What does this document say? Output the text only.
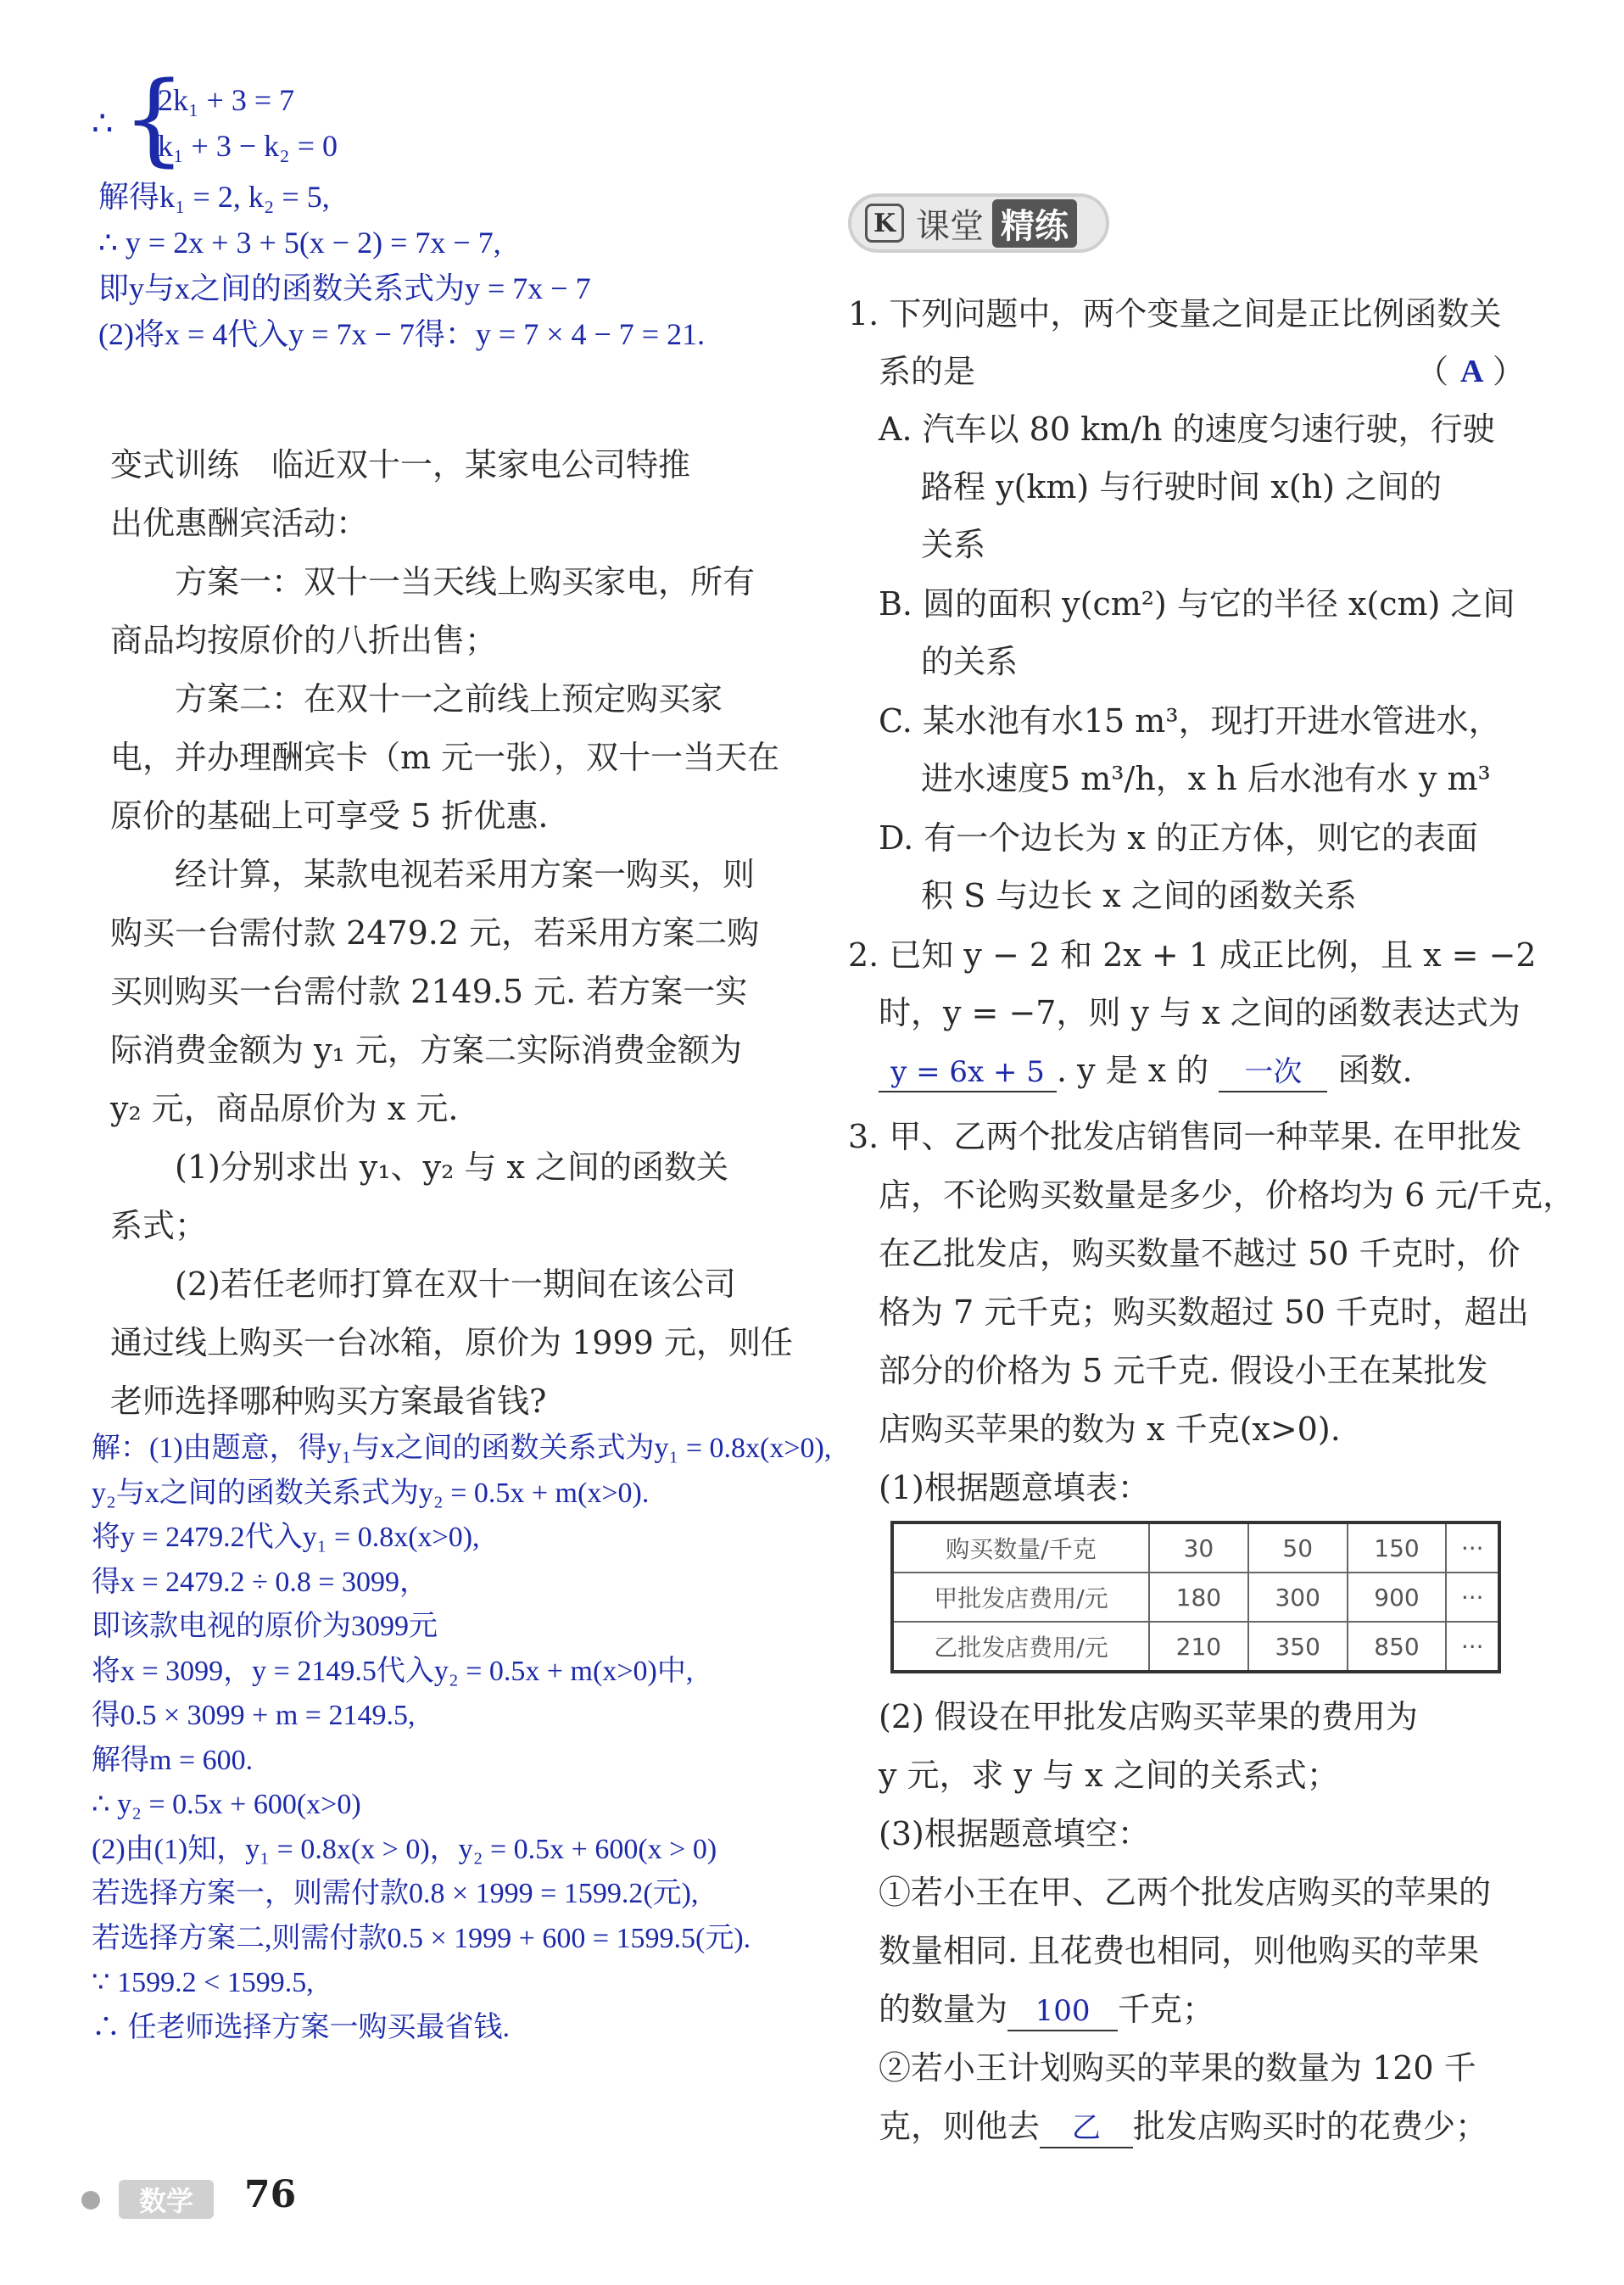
∴ {
2k₁ + 3 = 7
k₁ + 3 − k₂ = 0
解得k₁ = 2, k₂ = 5,
∴ y = 2x + 3 + 5(x − 2) = 7x − 7,
即y与x之间的函数关系式为y = 7x − 7
(2)将x = 4代入y = 7x − 7得：y = 7 × 4 − 7 = 21.
变式训练　临近双十一，某家电公司特推
出优惠酬宾活动：
　　方案一：双十一当天线上购买家电，所有
商品均按原价的八折出售；
　　方案二：在双十一之前线上预定购买家
电，并办理酬宾卡（m 元一张），双十一当天在
原价的基础上可享受 5 折优惠.
　　经计算，某款电视若采用方案一购买，则
购买一台需付款 2479.2 元，若采用方案二购
买则购买一台需付款 2149.5 元. 若方案一实
际消费金额为 y₁ 元，方案二实际消费金额为
y₂ 元，商品原价为 x 元.
　　(1)分别求出 y₁、y₂ 与 x 之间的函数关
系式；
　　(2)若任老师打算在双十一期间在该公司
通过线上购买一台冰箱，原价为 1999 元，则任
老师选择哪种购买方案最省钱?
解：(1)由题意，得y₁与x之间的函数关系式为y₁ = 0.8x(x>0),
y₂与x之间的函数关系式为y₂ = 0.5x + m(x>0).
将y = 2479.2代入y₁ = 0.8x(x>0),
得x = 2479.2 ÷ 0.8 = 3099，
即该款电视的原价为3099元
将x = 3099，y = 2149.5代入y₂ = 0.5x + m(x>0)中,
得0.5 × 3099 + m = 2149.5,
解得m = 600.
∴ y₂ = 0.5x + 600(x>0)
(2)由(1)知，y₁ = 0.8x(x > 0)，y₂ = 0.5x + 600(x > 0)
若选择方案一，则需付款0.8 × 1999 = 1599.2(元),
若选择方案二,则需付款0.5 × 1999 + 600 = 1599.5(元).
∵ 1599.2 < 1599.5,
∴ 任老师选择方案一购买最省钱.
K 课堂 精练
1. 下列问题中，两个变量之间是正比例函数关
系的是	（ A ）
A. 汽车以 80 km/h 的速度匀速行驶，行驶
路程 y(km) 与行驶时间 x(h) 之间的
关系
B. 圆的面积 y(cm²) 与它的半径 x(cm) 之间
的关系
C. 某水池有水15 m³，现打开进水管进水，
进水速度5 m³/h，x h 后水池有水 y m³
D. 有一个边长为 x 的正方体，则它的表面
积 S 与边长 x 之间的函数关系
2. 已知 y − 2 和 2x + 1 成正比例，且 x = −2
时，y = −7，则 y 与 x 之间的函数表达式为
y = 6x + 5 . y 是 x 的 一次 函数.
3. 甲、乙两个批发店销售同一种苹果. 在甲批发
店，不论购买数量是多少，价格均为 6 元/千克，
在乙批发店，购买数量不越过 50 千克时，价
格为 7 元千克；购买数超过 50 千克时，超出
部分的价格为 5 元千克. 假设小王在某批发
店购买苹果的数为 x 千克(x>0).
(1)根据题意填表：
(2) 假设在甲批发店购买苹果的费用为
y 元，求 y 与 x 之间的关系式；
(3)根据题意填空：
①若小王在甲、乙两个批发店购买的苹果的
数量相同. 且花费也相同，则他购买的苹果
的数量为 100 千克；
②若小王计划购买的苹果的数量为 120 千
克，则他去 乙 批发店购买时的花费少；
购买数量/千克	30	50	150	···
甲批发店费用/元	180	300	900	···
乙批发店费用/元	210	350	850	···
数学	76
